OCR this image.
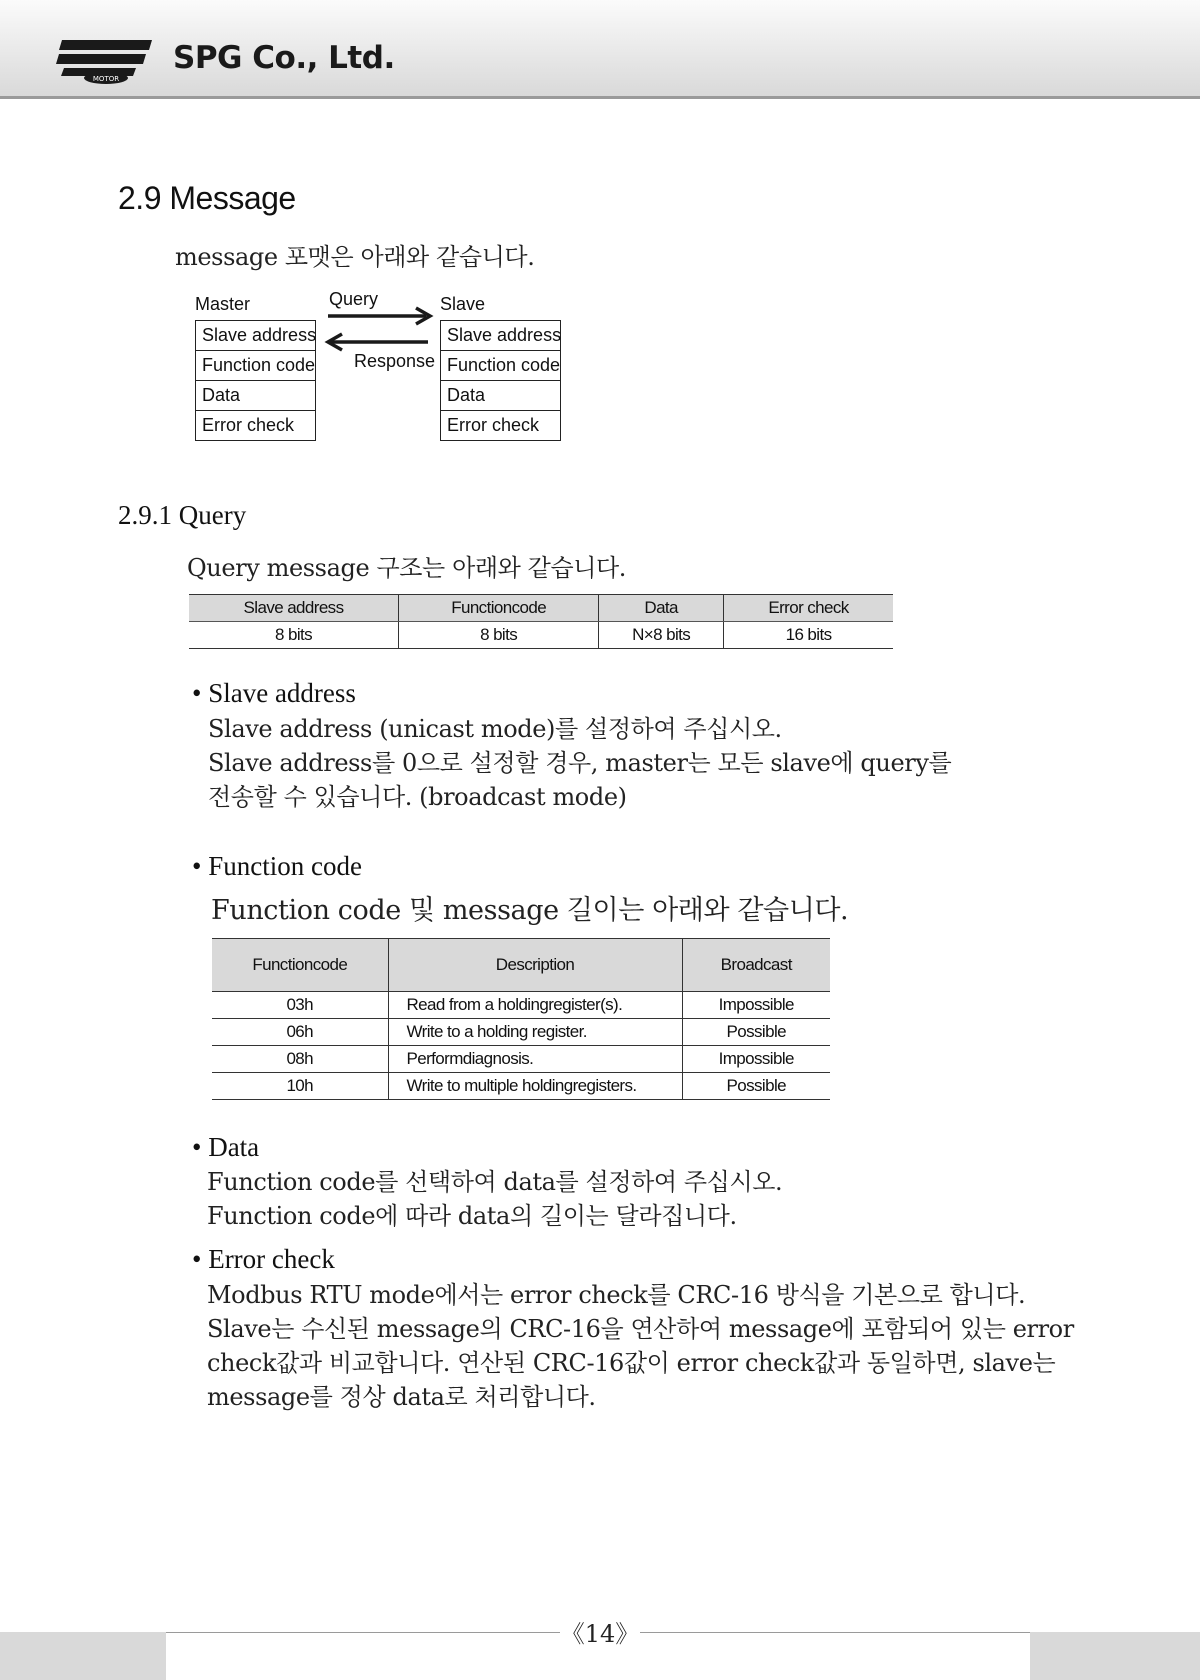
MOTOR
SPG Co., Ltd.
2.9 Message
message 포맷은 아래와 같습니다.
Master	Query	Slave
Response
Slave address
Function code
Data
Error check
Slave address
Function code
Data
Error check
2.9.1 Query
Query message 구조는 아래와 같습니다.
Slave address	Functioncode	Data	Error check
8 bits	8 bits	N×8 bits	16 bits
• Slave address
Slave address (unicast mode)를 설정하여 주십시오.
Slave address를 0으로 설정할 경우, master는 모든 slave에 query를
전송할 수 있습니다. (broadcast mode)
• Function code
Function code 및 message 길이는 아래와 같습니다.
Functioncode	Description	Broadcast
03h	Read from a holdingregister(s).	Impossible
06h	Write to a holding register.	Possible
08h	Performdiagnosis.	Impossible
10h	Write to multiple holdingregisters.	Possible
• Data
Function code를 선택하여 data를 설정하여 주십시오.
Function code에 따라 data의 길이는 달라집니다.
• Error check
Modbus RTU mode에서는 error check를 CRC-16 방식을 기본으로 합니다.
Slave는 수신된 message의 CRC-16을 연산하여 message에 포함되어 있는 error
check값과 비교합니다. 연산된 CRC-16값이 error check값과 동일하면, slave는
message를 정상 data로 처리합니다.
《14》
